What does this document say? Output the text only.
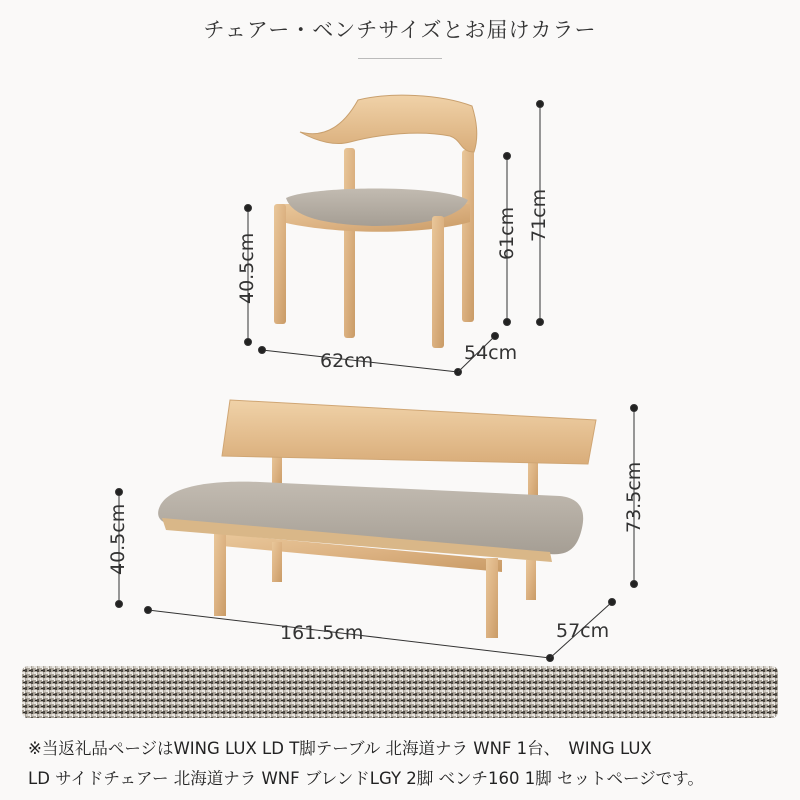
チェアー・ベンチサイズとお届けカラー
40.5cm	61cm 71cm
62cm	54cm
40.5cm
73.5cm
161.5cm	57cm
※当返礼品ページはWING LUX LD T脚テーブル 北海道ナラ WNF 1台、　WING LUX
LD サイドチェアー 北海道ナラ WNF ブレンドLGY 2脚 ベンチ160 1脚 セットページです。
